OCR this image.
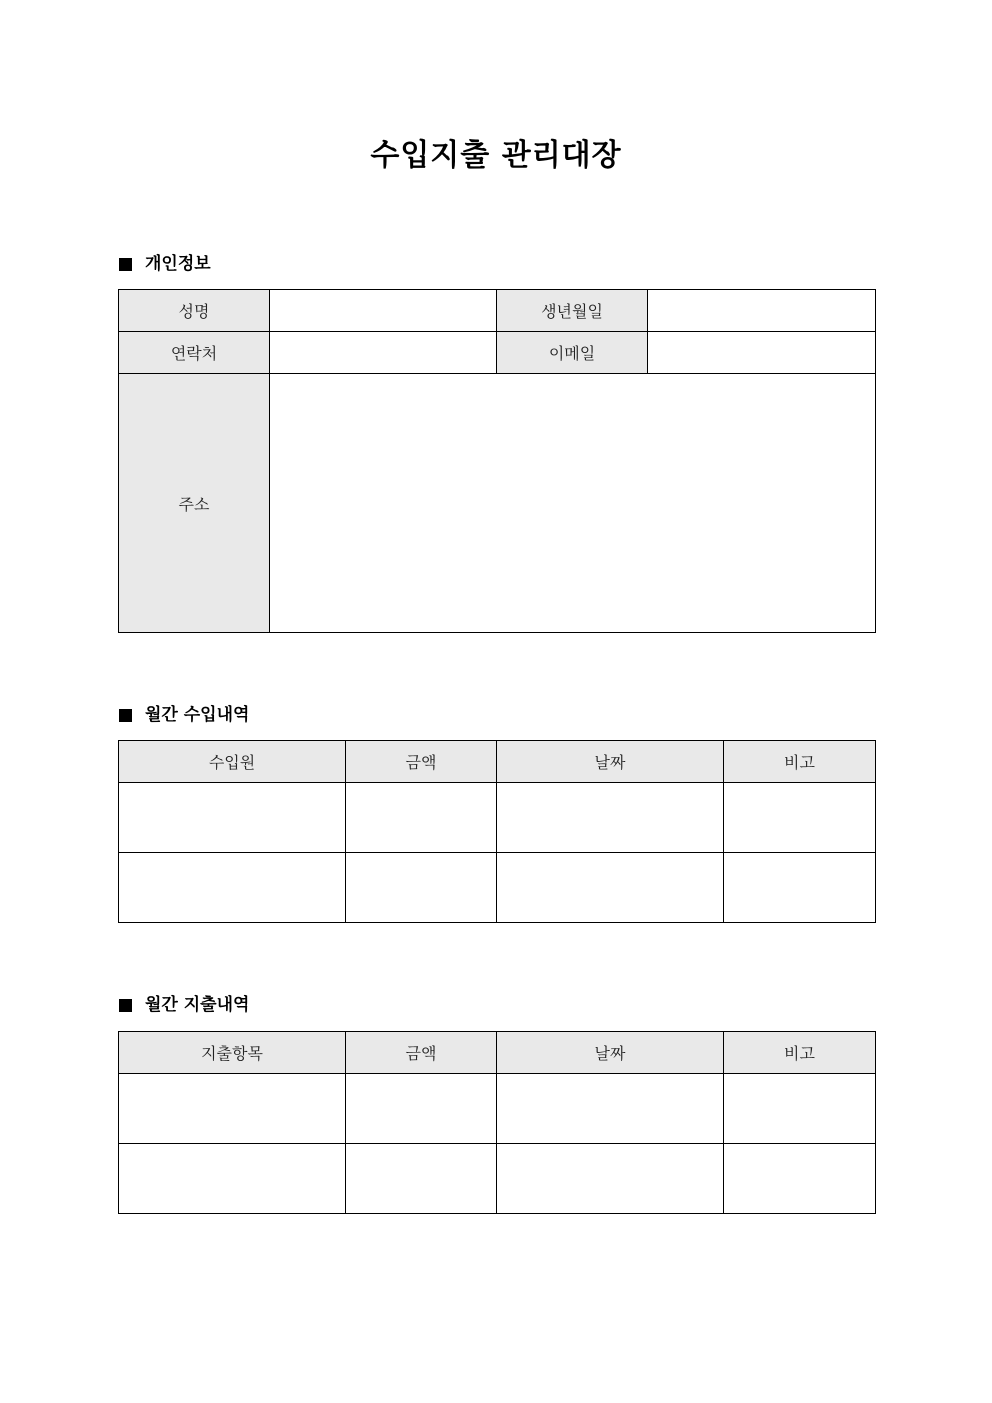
수입지출 관리대장
개인정보
성명		생년월일	
연락처		이메일	
주소			
월간 수입내역
수입원	금액	날짜	비고

월간 지출내역
지출항목	금액	날짜	비고
